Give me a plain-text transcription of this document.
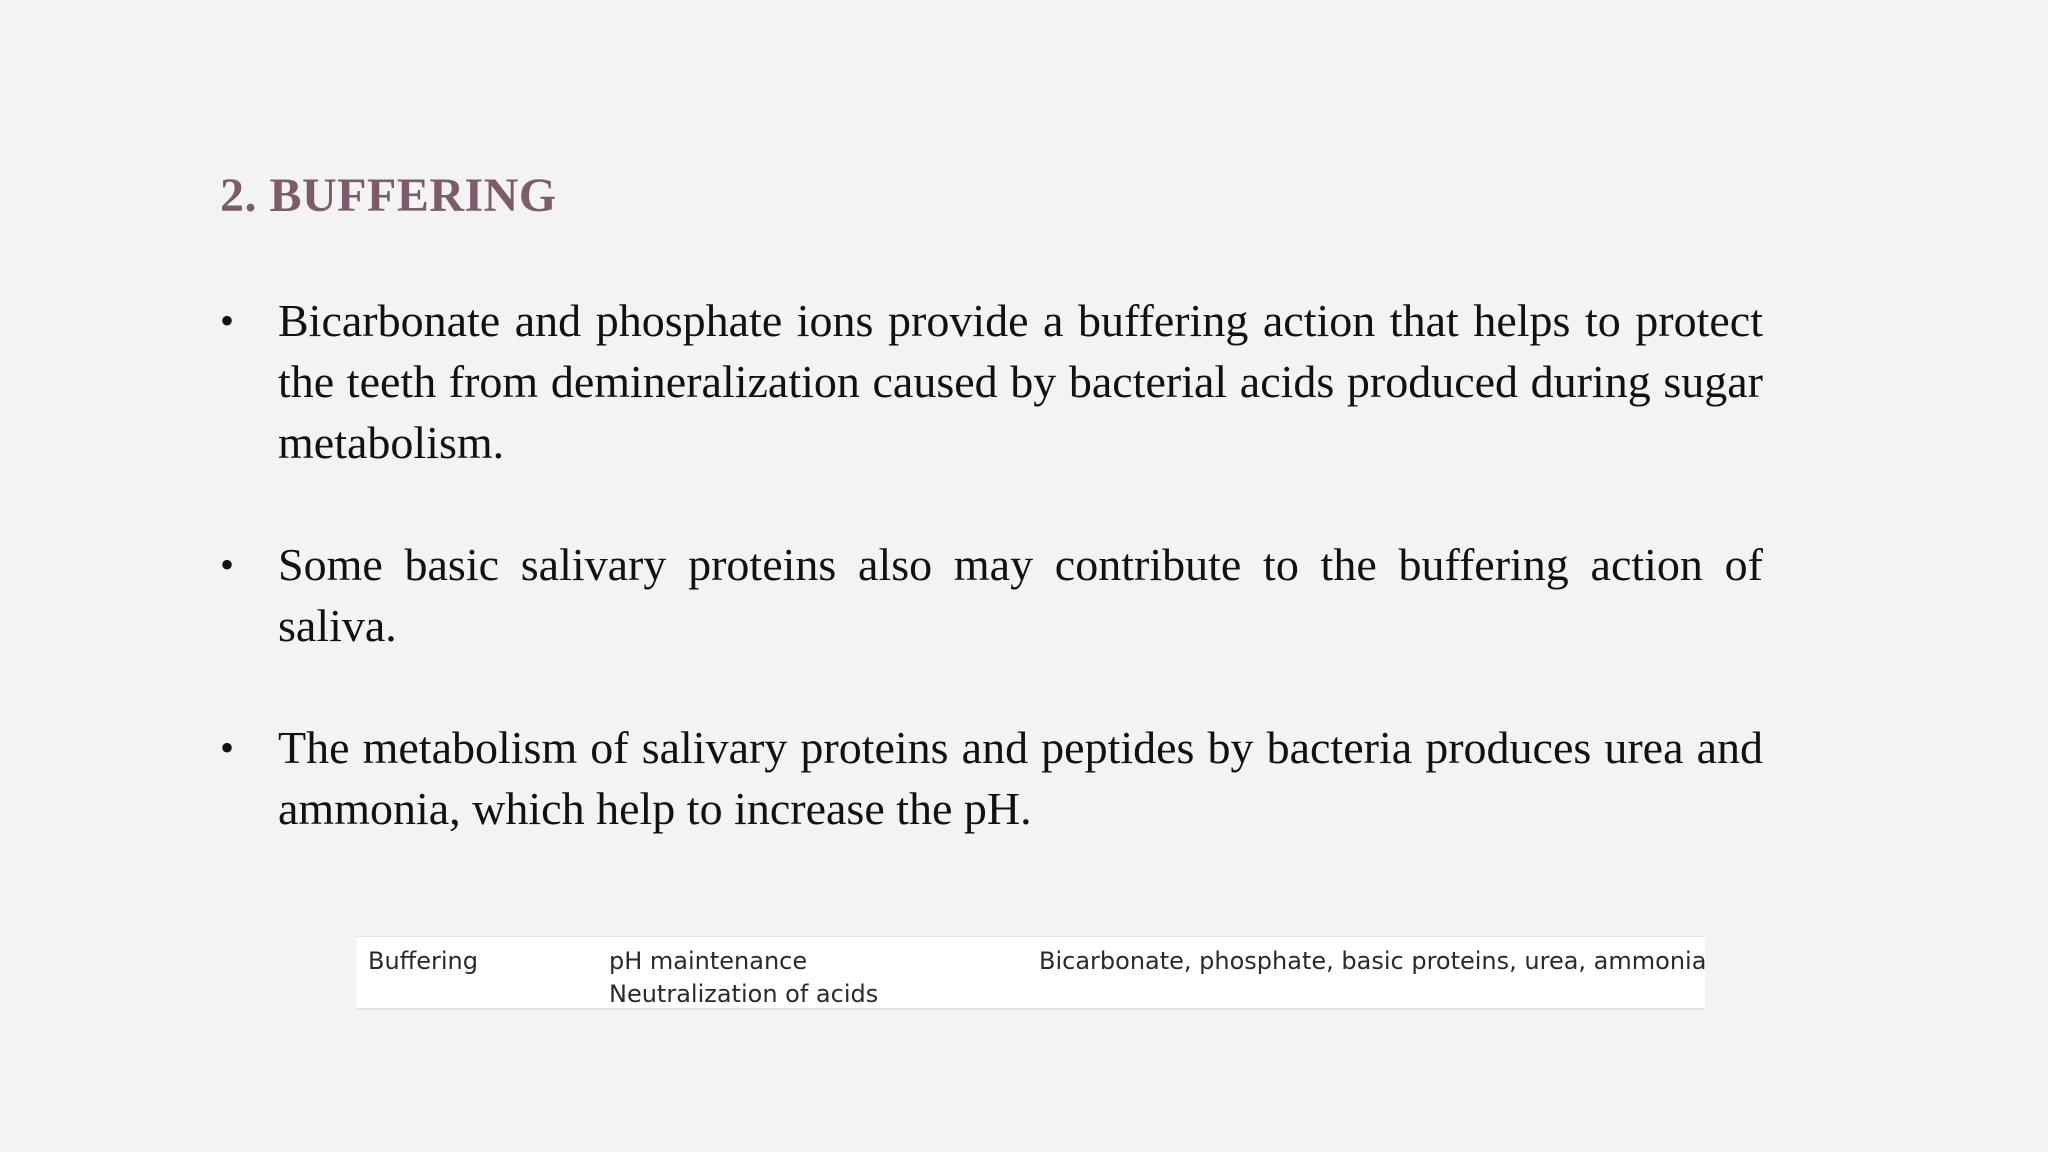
2. BUFFERING
• Bicarbonate and phosphate ions provide a buffering action that helps to protect the teeth from demineralization caused by bacterial acids produced during sugar metabolism.
• Some basic salivary proteins also may contribute to the buffering action of saliva.
• The metabolism of salivary proteins and peptides by bacteria produces urea and ammonia, which help to increase the pH.
Buffering	pH maintenance
Neutralization of acids
Bicarbonate, phosphate, basic proteins, urea, ammonia
